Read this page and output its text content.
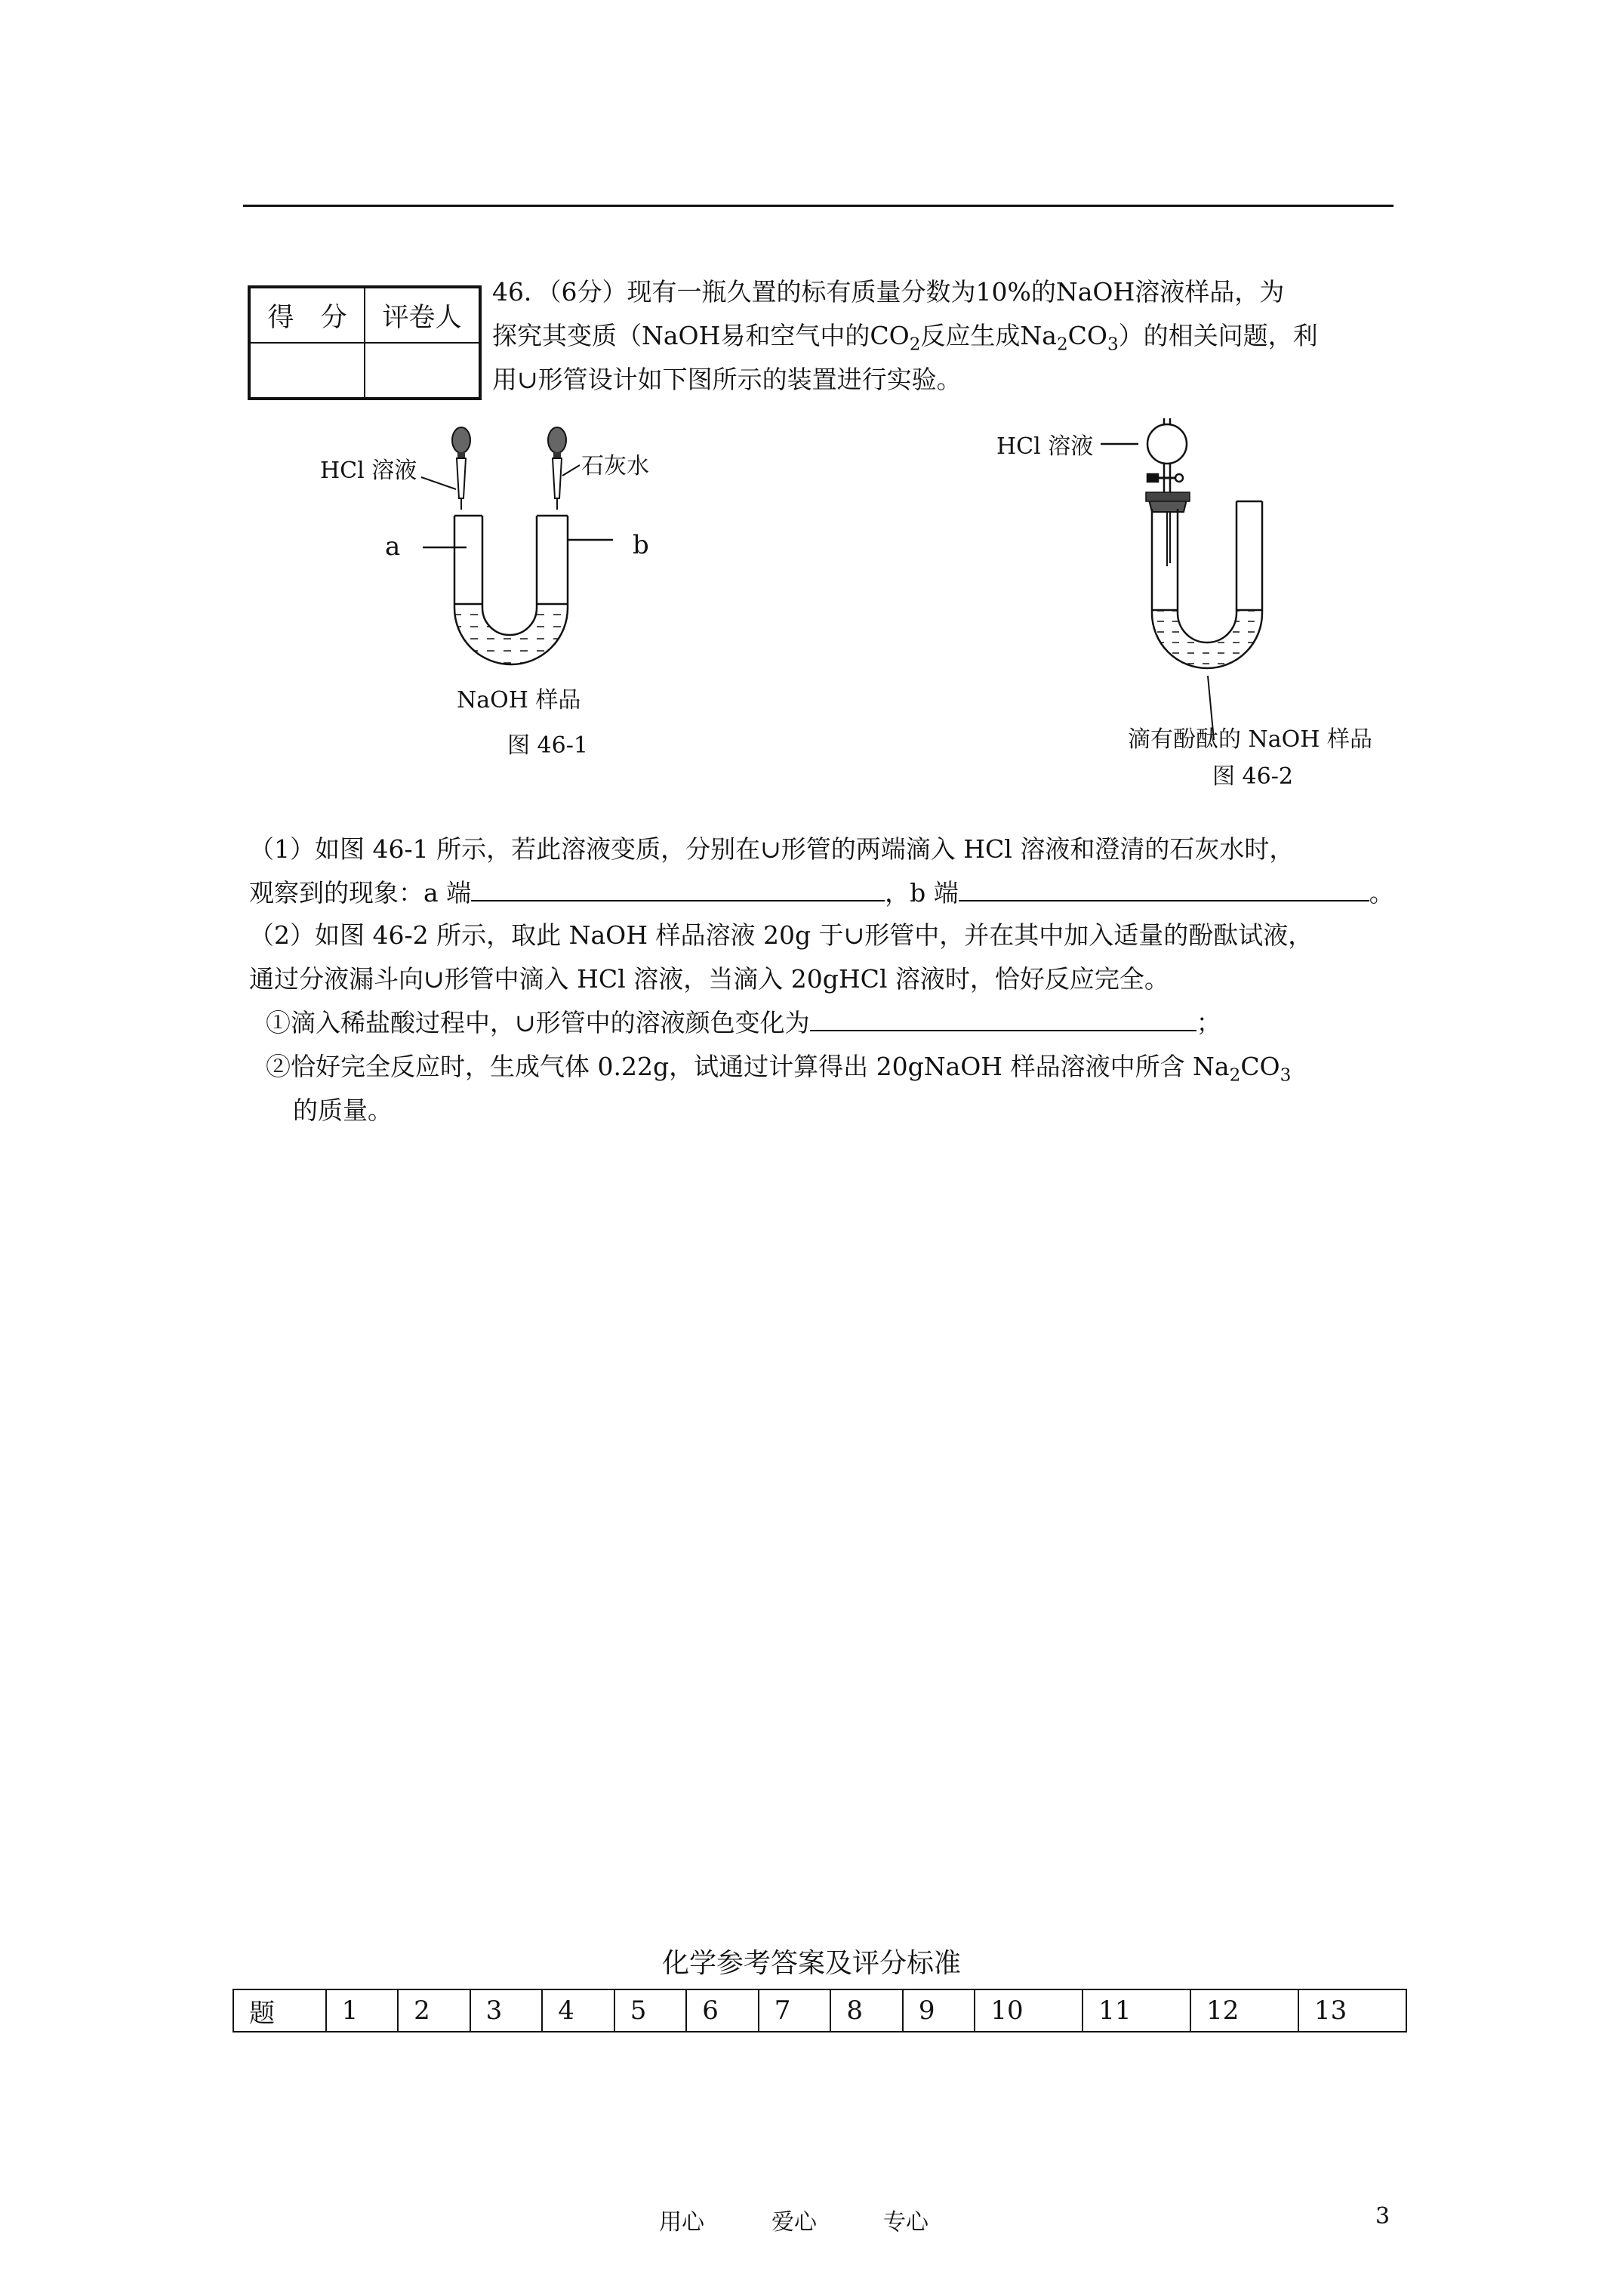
得　分	评卷人

46．（6分）现有一瓶久置的标有质量分数为10%的NaOH溶液样品，为
探究其变质（NaOH易和空气中的$CO_2$反应生成$Na_2CO_3$）的相关问题，利
用∪形管设计如下图所示的装置进行实验。
HCl 溶液	石灰水
a	b
NaOH 样品
图 46-1
HCl 溶液
滴有酚酞的 NaOH 样品
图 46-2
（1）如图 46-1 所示，若此溶液变质，分别在∪形管的两端滴入 HCl 溶液和澄清的石灰水时，
观察到的现象：a 端	，b 端	。
（2）如图 46-2 所示，取此 NaOH 样品溶液 20g 于∪形管中，并在其中加入适量的酚酞试液，
通过分液漏斗向∪形管中滴入 HCl 溶液，当滴入 20gHCl 溶液时，恰好反应完全。
①滴入稀盐酸过程中，∪形管中的溶液颜色变化为	；
②恰好完全反应时，生成气体 0.22g，试通过计算得出 20gNaOH 样品溶液中所含 $Na_2CO_3$
的质量。
化学参考答案及评分标准
题	1	2	3	4	5	6	7	8	9	10	11	12	13
用心	爱心	专心	3
